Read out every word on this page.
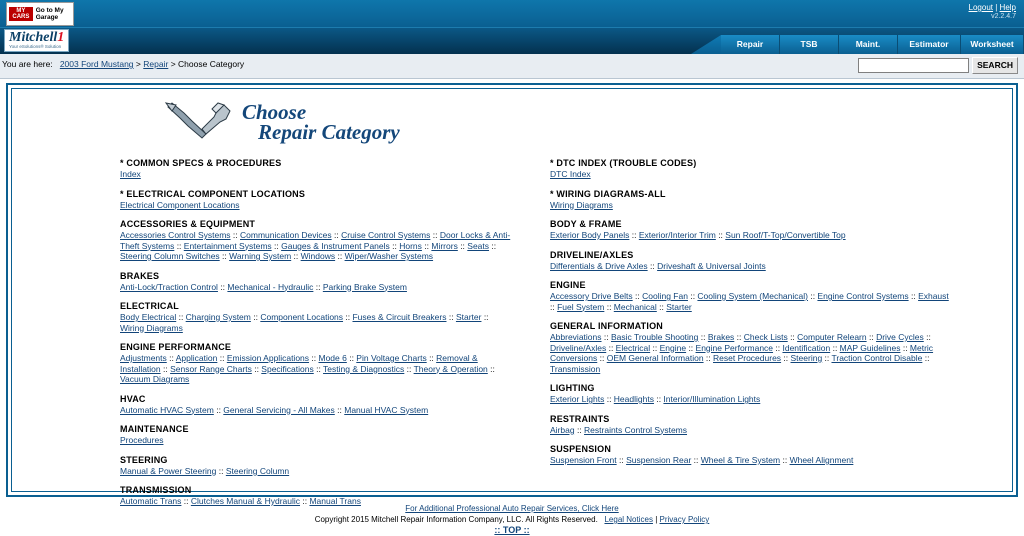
MY CARS
Go to My Garage
Logout | Help
v2.2.4.7
Mitchell1
Your eSolutions® Solution	Repair	TSB	Maint.	Estimator	Worksheet
You are here: 2003 Ford Mustang > Repair > Choose Category	SEARCH
Choose
Repair Category
* COMMON SPECS & PROCEDURES
Index
* ELECTRICAL COMPONENT LOCATIONS
Electrical Component Locations
ACCESSORIES & EQUIPMENT
Accessories Control Systems :: Communication Devices :: Cruise Control Systems :: Door Locks & Anti-Theft Systems :: Entertainment Systems :: Gauges & Instrument Panels :: Horns :: Mirrors :: Seats :: Steering Column Switches :: Warning System :: Windows :: Wiper/Washer Systems
BRAKES
Anti-Lock/Traction Control :: Mechanical - Hydraulic :: Parking Brake System
ELECTRICAL
Body Electrical :: Charging System :: Component Locations :: Fuses & Circuit Breakers :: Starter :: Wiring Diagrams
ENGINE PERFORMANCE
Adjustments :: Application :: Emission Applications :: Mode 6 :: Pin Voltage Charts :: Removal & Installation :: Sensor Range Charts :: Specifications :: Testing & Diagnostics :: Theory & Operation :: Vacuum Diagrams
HVAC
Automatic HVAC System :: General Servicing - All Makes :: Manual HVAC System
MAINTENANCE
Procedures
STEERING
Manual & Power Steering :: Steering Column
TRANSMISSION
Automatic Trans :: Clutches Manual & Hydraulic :: Manual Trans
* DTC INDEX (TROUBLE CODES)
DTC Index
* WIRING DIAGRAMS-ALL
Wiring Diagrams
BODY & FRAME
Exterior Body Panels :: Exterior/Interior Trim :: Sun Roof/T-Top/Convertible Top
DRIVELINE/AXLES
Differentials & Drive Axles :: Driveshaft & Universal Joints
ENGINE
Accessory Drive Belts :: Cooling Fan :: Cooling System (Mechanical) :: Engine Control Systems :: Exhaust :: Fuel System :: Mechanical :: Starter
GENERAL INFORMATION
Abbreviations :: Basic Trouble Shooting :: Brakes :: Check Lists :: Computer Relearn :: Drive Cycles :: Driveline/Axles :: Electrical :: Engine :: Engine Performance :: Identification :: MAP Guidelines :: Metric Conversions :: OEM General Information :: Reset Procedures :: Steering :: Traction Control Disable :: Transmission
LIGHTING
Exterior Lights :: Headlights :: Interior/Illumination Lights
RESTRAINTS
Airbag :: Restraints Control Systems
SUSPENSION
Suspension Front :: Suspension Rear :: Wheel & Tire System :: Wheel Alignment
For Additional Professional Auto Repair Services, Click Here
Copyright 2015 Mitchell Repair Information Company, LLC. All Rights Reserved. Legal Notices | Privacy Policy
:: TOP ::
